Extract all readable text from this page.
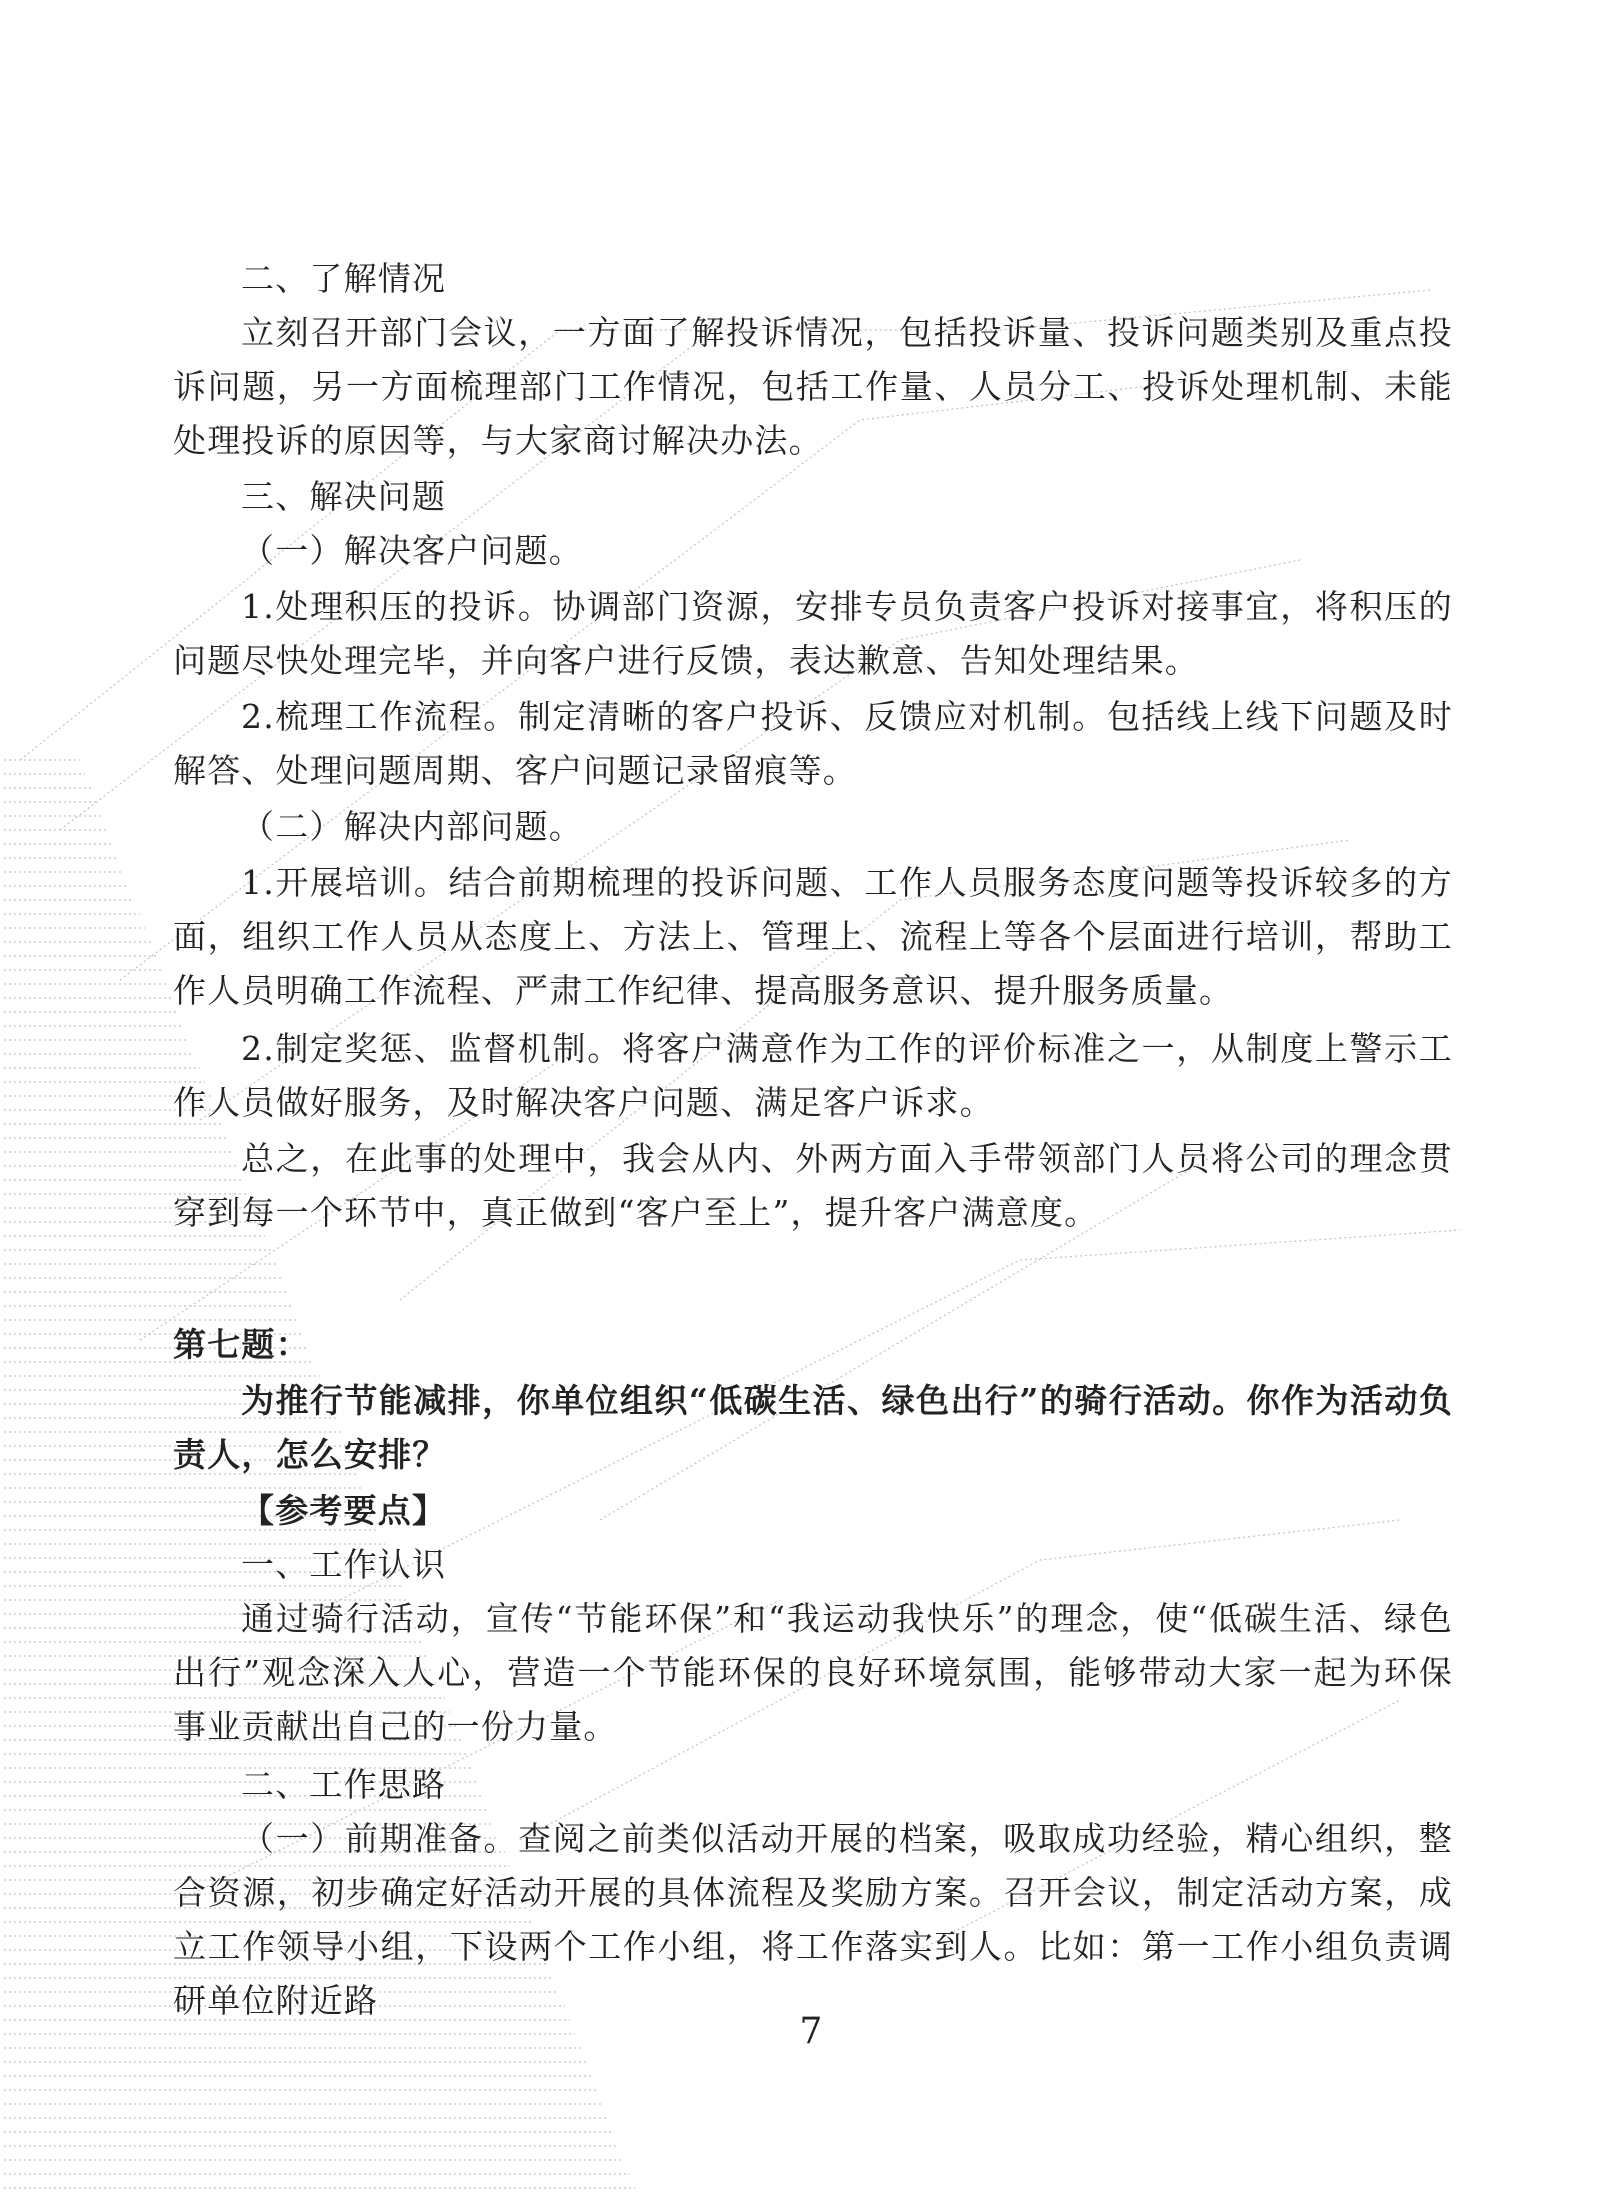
二、了解情况
立刻召开部门会议，一方面了解投诉情况，包括投诉量、投诉问题类别及重点投诉问题，另一方面梳理部门工作情况，包括工作量、人员分工、投诉处理机制、未能处理投诉的原因等，与大家商讨解决办法。
三、解决问题
（一）解决客户问题。
1.处理积压的投诉。协调部门资源，安排专员负责客户投诉对接事宜，将积压的问题尽快处理完毕，并向客户进行反馈，表达歉意、告知处理结果。
2.梳理工作流程。制定清晰的客户投诉、反馈应对机制。包括线上线下问题及时解答、处理问题周期、客户问题记录留痕等。
（二）解决内部问题。
1.开展培训。结合前期梳理的投诉问题、工作人员服务态度问题等投诉较多的方面，组织工作人员从态度上、方法上、管理上、流程上等各个层面进行培训，帮助工作人员明确工作流程、严肃工作纪律、提高服务意识、提升服务质量。
2.制定奖惩、监督机制。将客户满意作为工作的评价标准之一，从制度上警示工作人员做好服务，及时解决客户问题、满足客户诉求。
总之，在此事的处理中，我会从内、外两方面入手带领部门人员将公司的理念贯穿到每一个环节中，真正做到“客户至上”，提升客户满意度。
第七题：
为推行节能减排，你单位组织“低碳生活、绿色出行”的骑行活动。你作为活动负责人，怎么安排？
【参考要点】
一、工作认识
通过骑行活动，宣传“节能环保”和“我运动我快乐”的理念，使“低碳生活、绿色出行”观念深入人心，营造一个节能环保的良好环境氛围，能够带动大家一起为环保事业贡献出自己的一份力量。
二、工作思路
（一）前期准备。查阅之前类似活动开展的档案，吸取成功经验，精心组织，整合资源，初步确定好活动开展的具体流程及奖励方案。召开会议，制定活动方案，成立工作领导小组，下设两个工作小组，将工作落实到人。比如：第一工作小组负责调研单位附近路
7
